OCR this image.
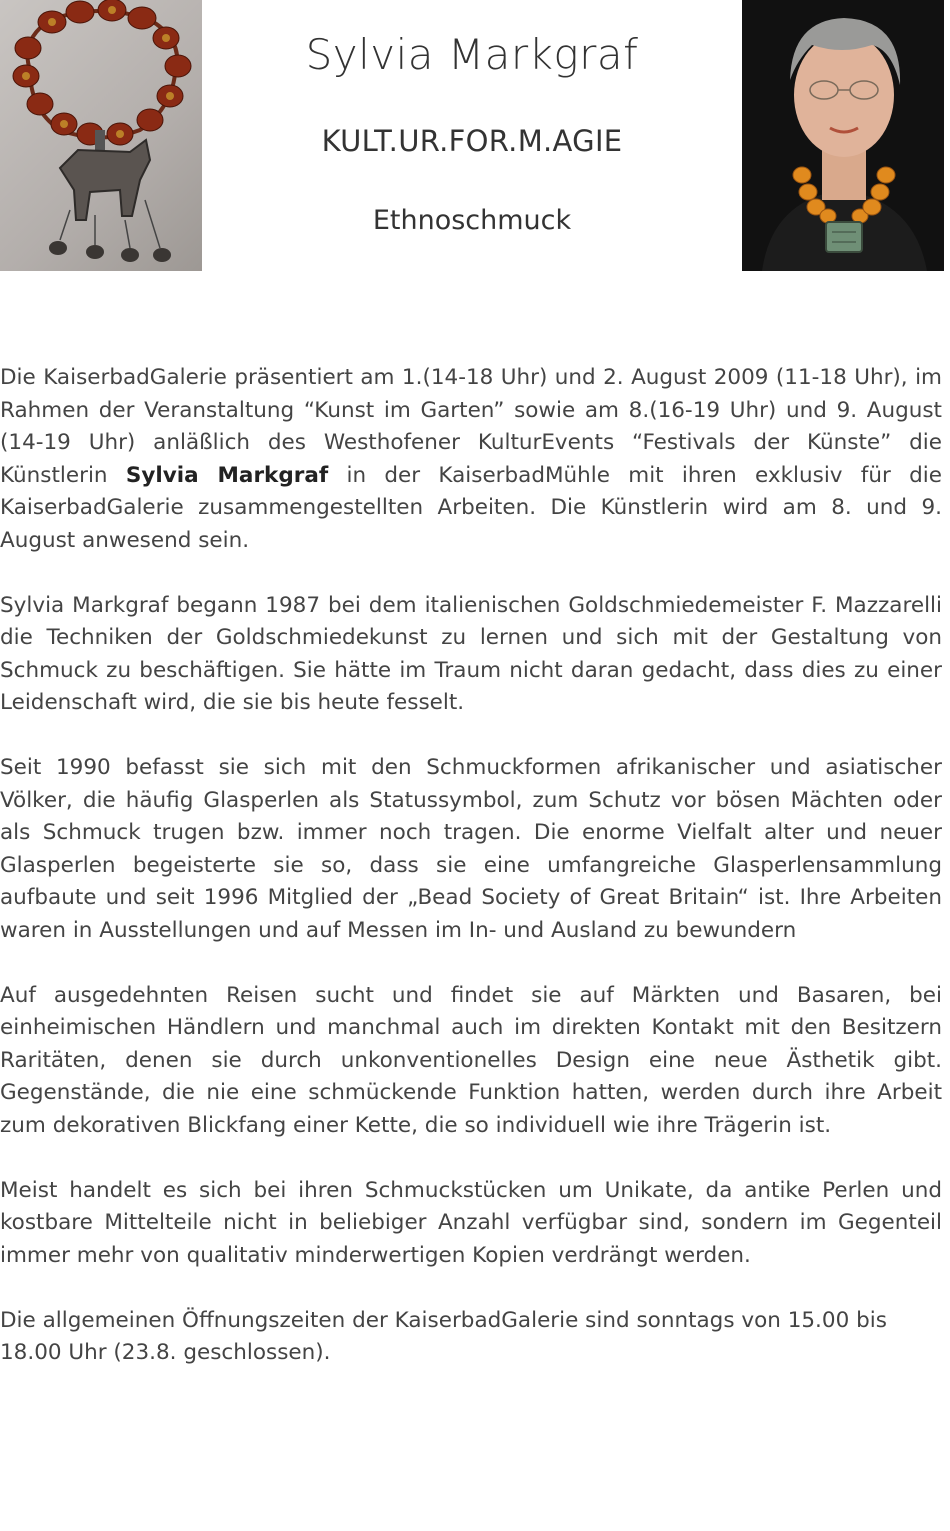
Sylvia Markgraf
KULT.UR.FOR.M.AGIE
Ethnoschmuck

Die KaiserbadGalerie präsentiert am 1.(14-18 Uhr) und 2. August 2009 (11-18 Uhr), im Rahmen der Veranstaltung “Kunst im Garten” sowie am 8.(16-19 Uhr) und 9. August (14-19 Uhr) anläßlich des Westhofener KulturEvents “Festivals der Künste” die Künstlerin Sylvia Markgraf in der KaiserbadMühle mit ihren exklusiv für die KaiserbadGalerie zusammengestellten Arbeiten. Die Künstlerin wird am 8. und 9. August anwesend sein.

Sylvia Markgraf begann 1987 bei dem italienischen Goldschmiedemeister F. Mazzarelli die Techniken der Goldschmiedekunst zu lernen und sich mit der Gestaltung von Schmuck zu beschäftigen. Sie hätte im Traum nicht daran gedacht, dass dies zu einer Leidenschaft wird, die sie bis heute fesselt.

Seit 1990 befasst sie sich mit den Schmuckformen afrikanischer und asiatischer Völker, die häufig Glasperlen als Statussymbol, zum Schutz vor bösen Mächten oder als Schmuck trugen bzw. immer noch tragen. Die enorme Vielfalt alter und neuer Glasperlen begeisterte sie so, dass sie eine umfangreiche Glasperlensammlung aufbaute und seit 1996 Mitglied der „Bead Society of Great Britain“ ist. Ihre Arbeiten waren in Ausstellungen und auf Messen im In- und Ausland zu bewundern

Auf ausgedehnten Reisen sucht und findet sie auf Märkten und Basaren, bei einheimischen Händlern und manchmal auch im direkten Kontakt mit den Besitzern Raritäten, denen sie durch unkonventionelles Design eine neue Ästhetik gibt. Gegenstände, die nie eine schmückende Funktion hatten, werden durch ihre Arbeit zum dekorativen Blickfang einer Kette, die so individuell wie ihre Trägerin ist.

Meist handelt es sich bei ihren Schmuckstücken um Unikate, da antike Perlen und kostbare Mittelteile nicht in beliebiger Anzahl verfügbar sind, sondern im Gegenteil immer mehr von qualitativ minderwertigen Kopien verdrängt werden.

Die allgemeinen Öffnungszeiten der KaiserbadGalerie sind sonntags von 15.00 bis 18.00 Uhr (23.8. geschlossen).
